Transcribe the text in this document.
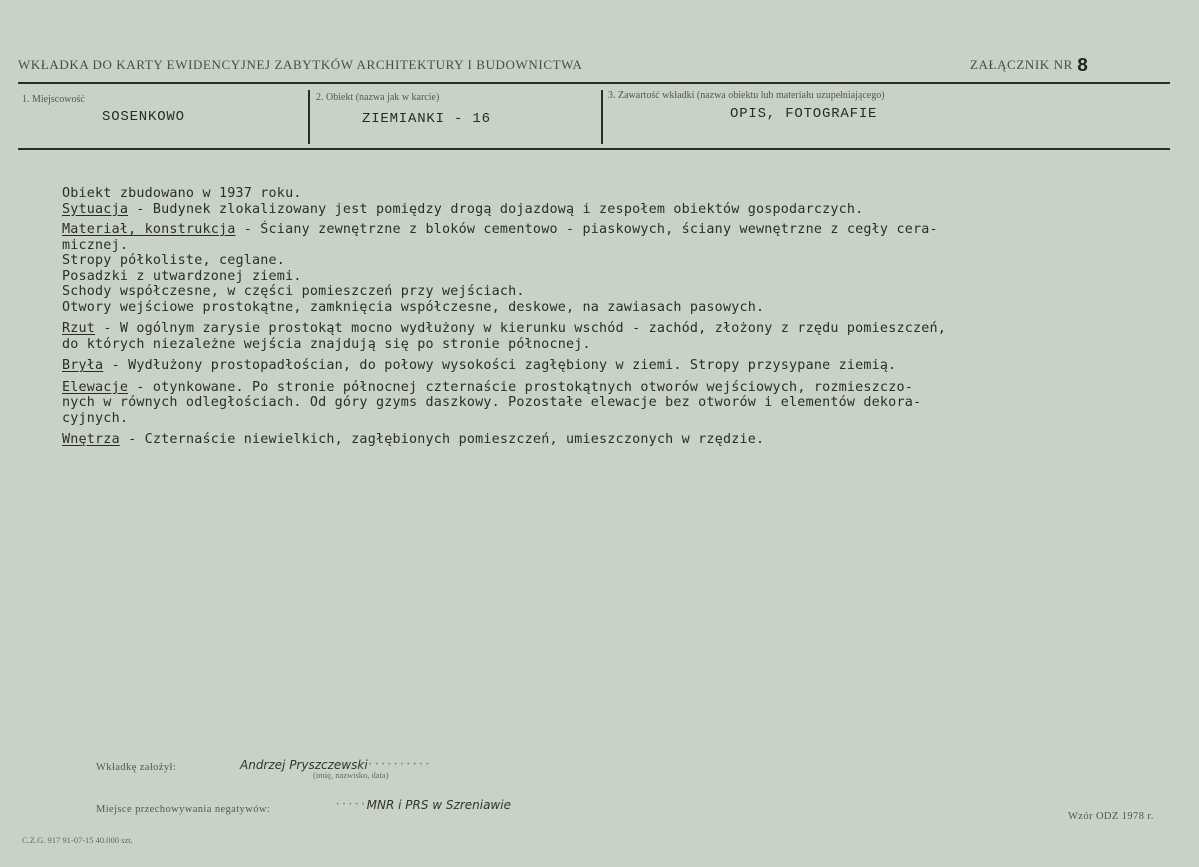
WKŁADKA DO KARTY EWIDENCYJNEJ ZABYTKÓW ARCHITEKTURY I BUDOWNICTWA	ZAŁĄCZNIK NR 8
1. Miejscowość
SOSENKOWO
2. Obiekt (nazwa jak w karcie)
ZIEMIANKI - 16
3. Zawartość wkładki (nazwa obiektu lub materiału uzupełniającego)
OPIS, FOTOGRAFIE
Obiekt zbudowano w 1937 roku.
Sytuacja - Budynek zlokalizowany jest pomiędzy drogą dojazdową i zespołem obiektów gospodarczych.
Materiał, konstrukcja - Ściany zewnętrzne z bloków cementowo - piaskowych, ściany wewnętrzne z cegły cera-
micznej.
Stropy półkoliste, ceglane.
Posadzki z utwardzonej ziemi.
Schody współczesne, w części pomieszczeń przy wejściach.
Otwory wejściowe prostokątne, zamknięcia współczesne, deskowe, na zawiasach pasowych.
Rzut - W ogólnym zarysie prostokąt mocno wydłużony w kierunku wschód - zachód, złożony z rzędu pomieszczeń,
do których niezależne wejścia znajdują się po stronie północnej.
Bryła - Wydłużony prostopadłościan, do połowy wysokości zagłębiony w ziemi. Stropy przysypane ziemią.
Elewacje - otynkowane. Po stronie północnej czternaście prostokątnych otworów wejściowych, rozmieszczo-
nych w równych odległościach. Od góry gzyms daszkowy. Pozostałe elewacje bez otworów i elementów dekora-
cyjnych.
Wnętrza - Czternaście niewielkich, zagłębionych pomieszczeń, umieszczonych w rzędzie.
Wkładkę założył:	Andrzej Pryszczewski··········
(imię, nazwisko, data)
Miejsce przechowywania negatywów:	·····MNR i PRS w Szreniawie
Wzór ODZ 1978 r.
C.Z.G. 917 91-07-15 40.000 szt.
